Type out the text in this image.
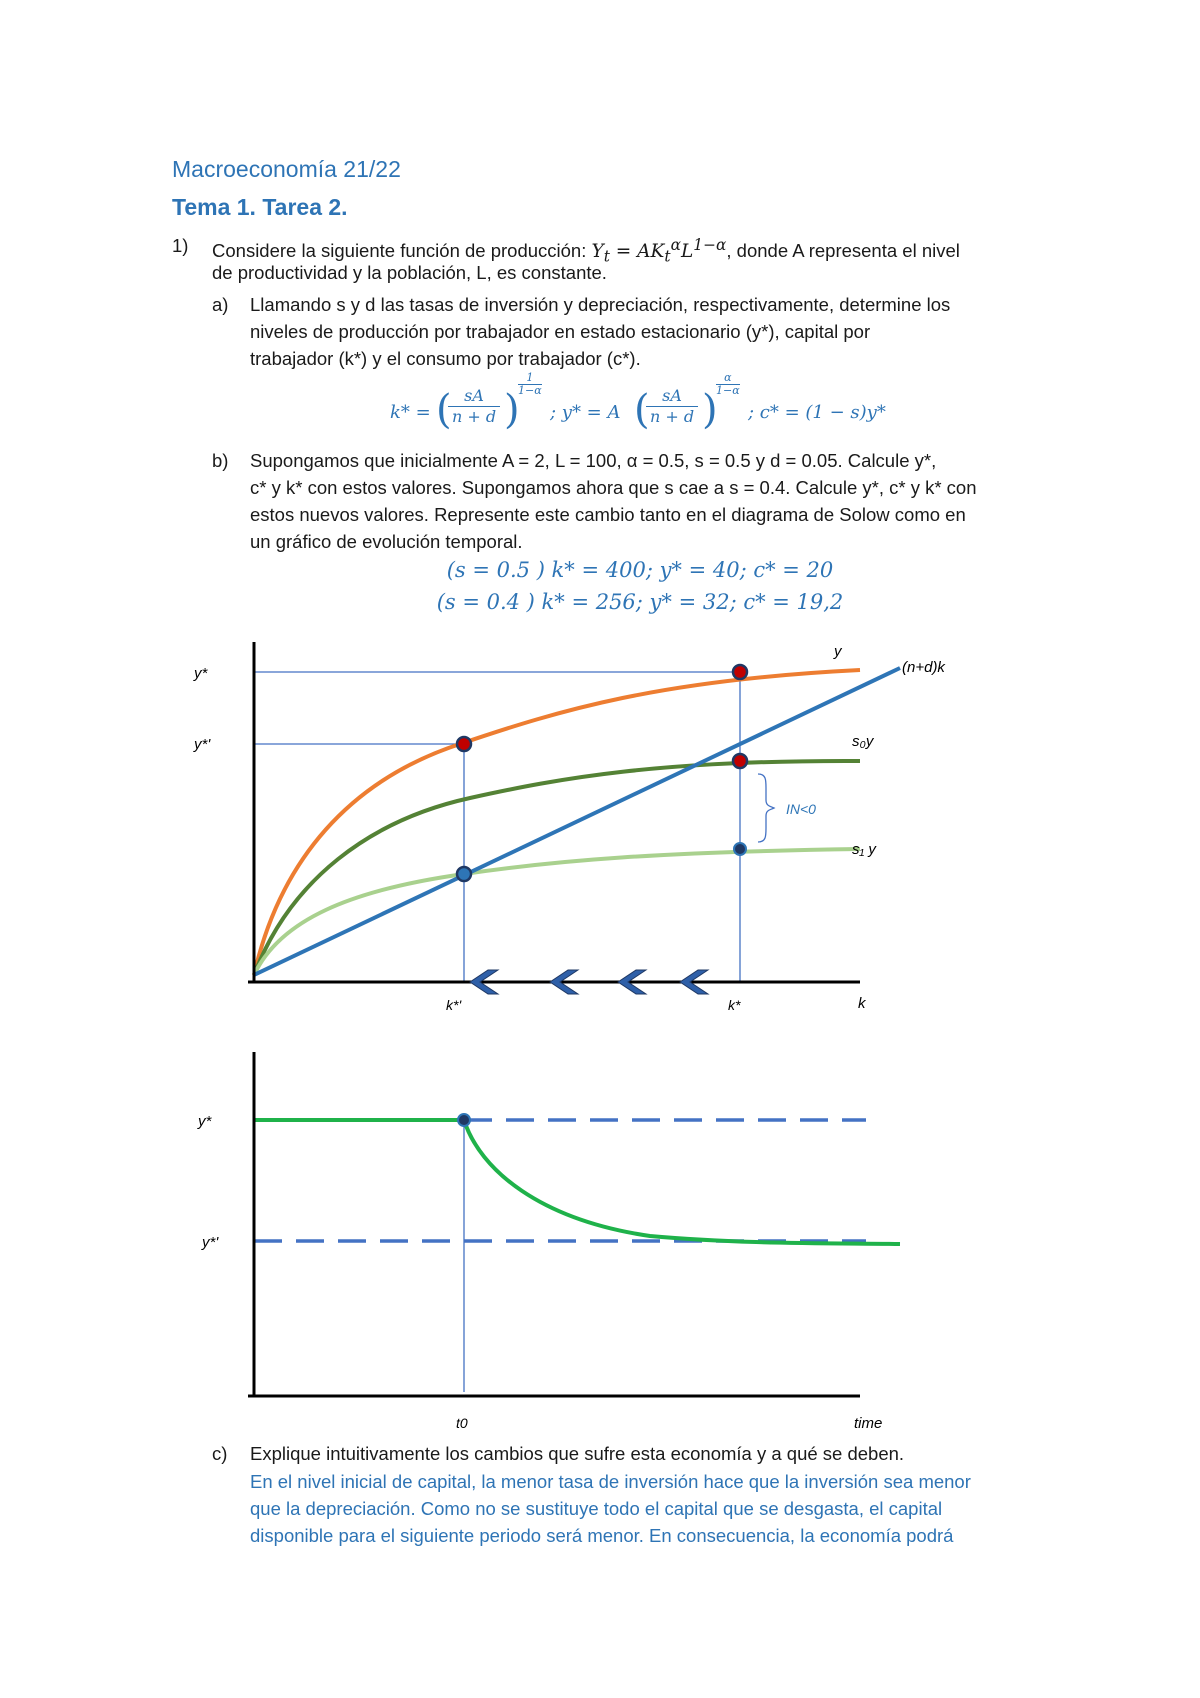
Macroeconomía 21/22
Tema 1. Tarea 2.
1) Considere la siguiente función de producción: $Y_t = AK_t^\alpha L^{1-\alpha}$, donde A representa el nivel
de productividad y la población, L, es constante.
a) Llamando s y d las tasas de inversión y depreciación, respectivamente, determine los
niveles de producción por trabajador en estado estacionario (y*), capital por
trabajador (k*) y el consumo por trabajador (c*).
k* = (
$\frac{sA}{n + d}$ )
$\frac{1}{1-\alpha}$
; y* = A (
$\frac{sA}{n + d}$ )
$\frac{\alpha}{1-\alpha}$
; c* = (1 − s)y*
b) Supongamos que inicialmente A = 2, L = 100, α = 0.5, s = 0.5 y d = 0.05. Calcule y*,
c* y k* con estos valores. Supongamos ahora que s cae a s = 0.4. Calcule y*, c* y k* con
estos nuevos valores. Represente este cambio tanto en el diagrama de Solow como en
un gráfico de evolución temporal.
(s = 0.5 ) k* = 400; y* = 40; c* = 20
(s = 0.4 ) k* = 256; y* = 32; c* = 19,2
y*
y*'
y
(n+d)k
s₀y
s₁ y
IN<0
k*'	k*	k
y*
y*'
t0	time
c) Explique intuitivamente los cambios que sufre esta economía y a qué se deben.
En el nivel inicial de capital, la menor tasa de inversión hace que la inversión sea menor
que la depreciación. Como no se sustituye todo el capital que se desgasta, el capital
disponible para el siguiente periodo será menor. En consecuencia, la economía podrá
